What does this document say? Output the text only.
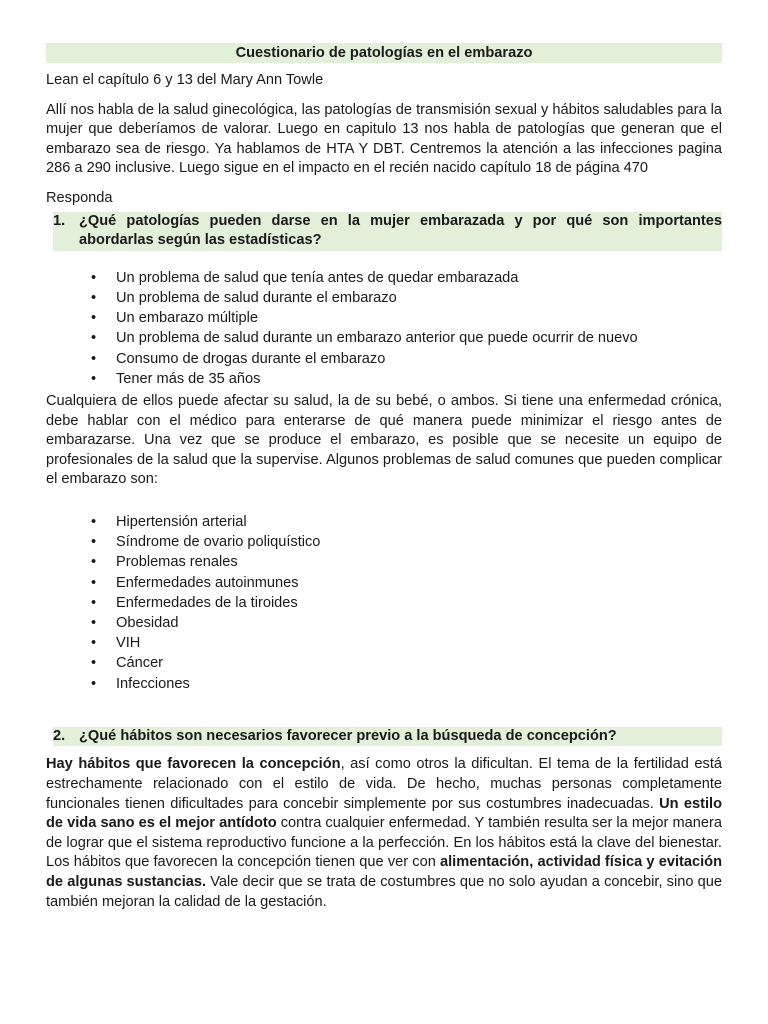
Cuestionario de patologías en el embarazo

Lean el capítulo 6 y 13 del Mary Ann Towle

Allí nos habla de la salud ginecológica, las patologías de transmisión sexual y hábitos saludables para la mujer que deberíamos de valorar. Luego en capitulo 13 nos habla de patologías que generan que el embarazo sea de riesgo. Ya hablamos de HTA Y DBT. Centremos la atención a las infecciones pagina 286 a 290 inclusive. Luego sigue en el impacto en el recién nacido capítulo 18 de página 470

Responda

1. ¿Qué patologías pueden darse en la mujer embarazada y por qué son importantes abordarlas según las estadísticas?
• Un problema de salud que tenía antes de quedar embarazada
• Un problema de salud durante el embarazo
• Un embarazo múltiple
• Un problema de salud durante un embarazo anterior que puede ocurrir de nuevo
• Consumo de drogas durante el embarazo
• Tener más de 35 años

Cualquiera de ellos puede afectar su salud, la de su bebé, o ambos. Si tiene una enfermedad crónica, debe hablar con el médico para enterarse de qué manera puede minimizar el riesgo antes de embarazarse. Una vez que se produce el embarazo, es posible que se necesite un equipo de profesionales de la salud que la supervise. Algunos problemas de salud comunes que pueden complicar el embarazo son:

• Hipertensión arterial
• Síndrome de ovario poliquístico
• Problemas renales
• Enfermedades autoinmunes
• Enfermedades de la tiroides
• Obesidad
• VIH
• Cáncer
• Infecciones
2. ¿Qué hábitos son necesarios favorecer previo a la búsqueda de concepción?

Hay hábitos que favorecen la concepción, así como otros la dificultan. El tema de la fertilidad está estrechamente relacionado con el estilo de vida. De hecho, muchas personas completamente funcionales tienen dificultades para concebir simplemente por sus costumbres inadecuadas. Un estilo de vida sano es el mejor antídoto contra cualquier enfermedad. Y también resulta ser la mejor manera de lograr que el sistema reproductivo funcione a la perfección. En los hábitos está la clave del bienestar. Los hábitos que favorecen la concepción tienen que ver con alimentación, actividad física y evitación de algunas sustancias. Vale decir que se trata de costumbres que no solo ayudan a concebir, sino que también mejoran la calidad de la gestación.
